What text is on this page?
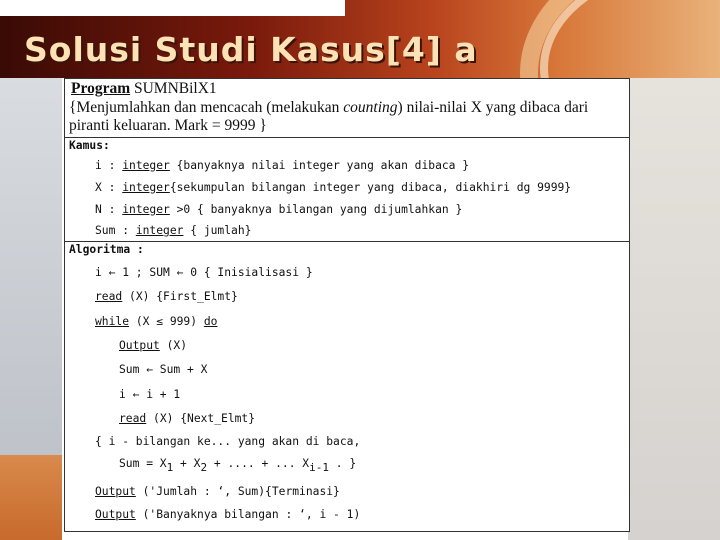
Solusi Studi Kasus[4] a
Program SUMNBilX1
{Menjumlahkan dan mencacah (melakukan counting) nilai-nilai X yang dibaca dari
piranti keluaran. Mark = 9999 }

Kamus:

i : integer {banyaknya nilai integer yang akan dibaca }

X : integer{sekumpulan bilangan integer yang dibaca, diakhiri dg 9999}

N : integer >0 { banyaknya bilangan yang dijumlahkan }

Sum : integer { jumlah}

Algoritma :

i ← 1 ; SUM ← 0 { Inisialisasi }

read (X) {First_Elmt}

while (X ≤ 999) do

Output (X)

Sum ← Sum + X

i ← i + 1

read (X) {Next_Elmt}

{ i - bilangan ke... yang akan di baca,

Sum = X1 + X2 + .... + ... Xi-1 . }

Output ('Jumlah : ‘, Sum){Terminasi}

Output ('Banyaknya bilangan : ‘, i - 1)
